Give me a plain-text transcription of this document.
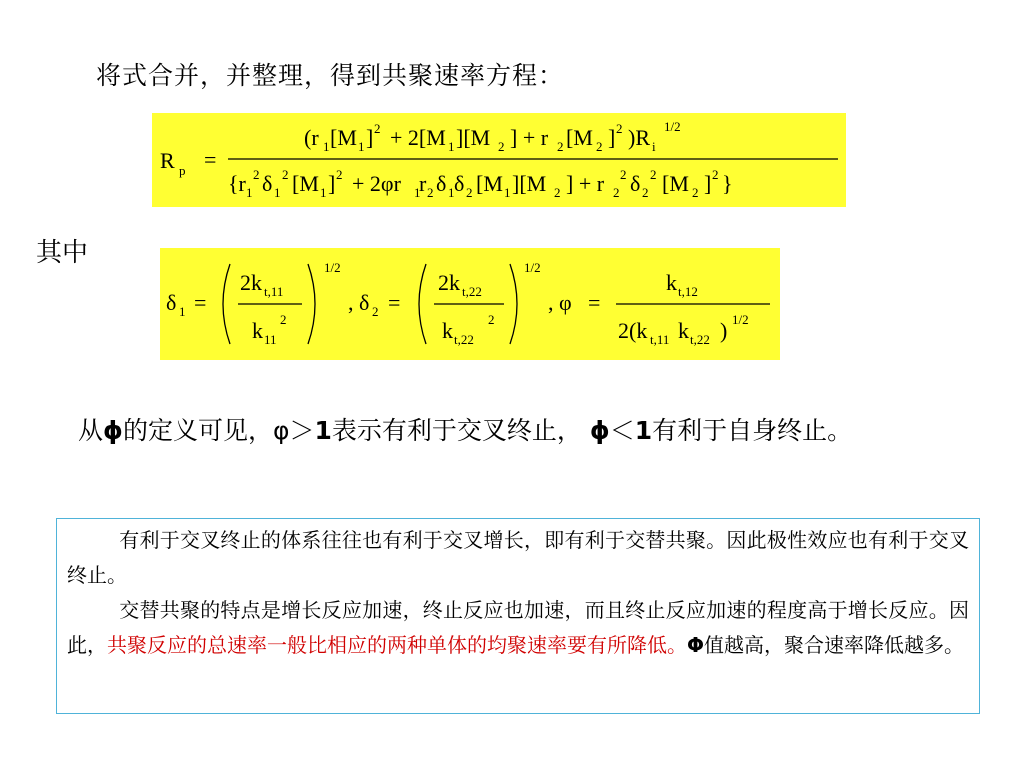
将式合并，并整理，得到共聚速率方程：
R p =
(r 1 [M 1 ] 2 + 2[M 1 ][M 2 ] + r 2 [M 2 ] 2 )R i
1/2
{r 1
2 δ 1
2 [M 1 ] 2 + 2φr 1
r 2 δ 1 δ 2 [M 1 ][M 2 ] + r 2
2 δ 2
2 [M 2 ] 2 }
其中
δ 1 =
2k t,11
k 11
2
1/2
, δ 2 =
2k t,22
k t,22
2
1/2
, φ =
k t,12
2(k t,11 k t,22 ) 1/2
从ϕ的定义可见，φ＞1表示有利于交叉终止， ϕ＜1有利于自身终止。
有利于交叉终止的体系往往也有利于交叉增长，即有利于交替共聚。因此极性效应也有利于交叉终止。
交替共聚的特点是增长反应加速，终止反应也加速，而且终止反应加速的程度高于增长反应。因此，共聚反应的总速率一般比相应的两种单体的均聚速率要有所降低。Φ值越高，聚合速率降低越多。
